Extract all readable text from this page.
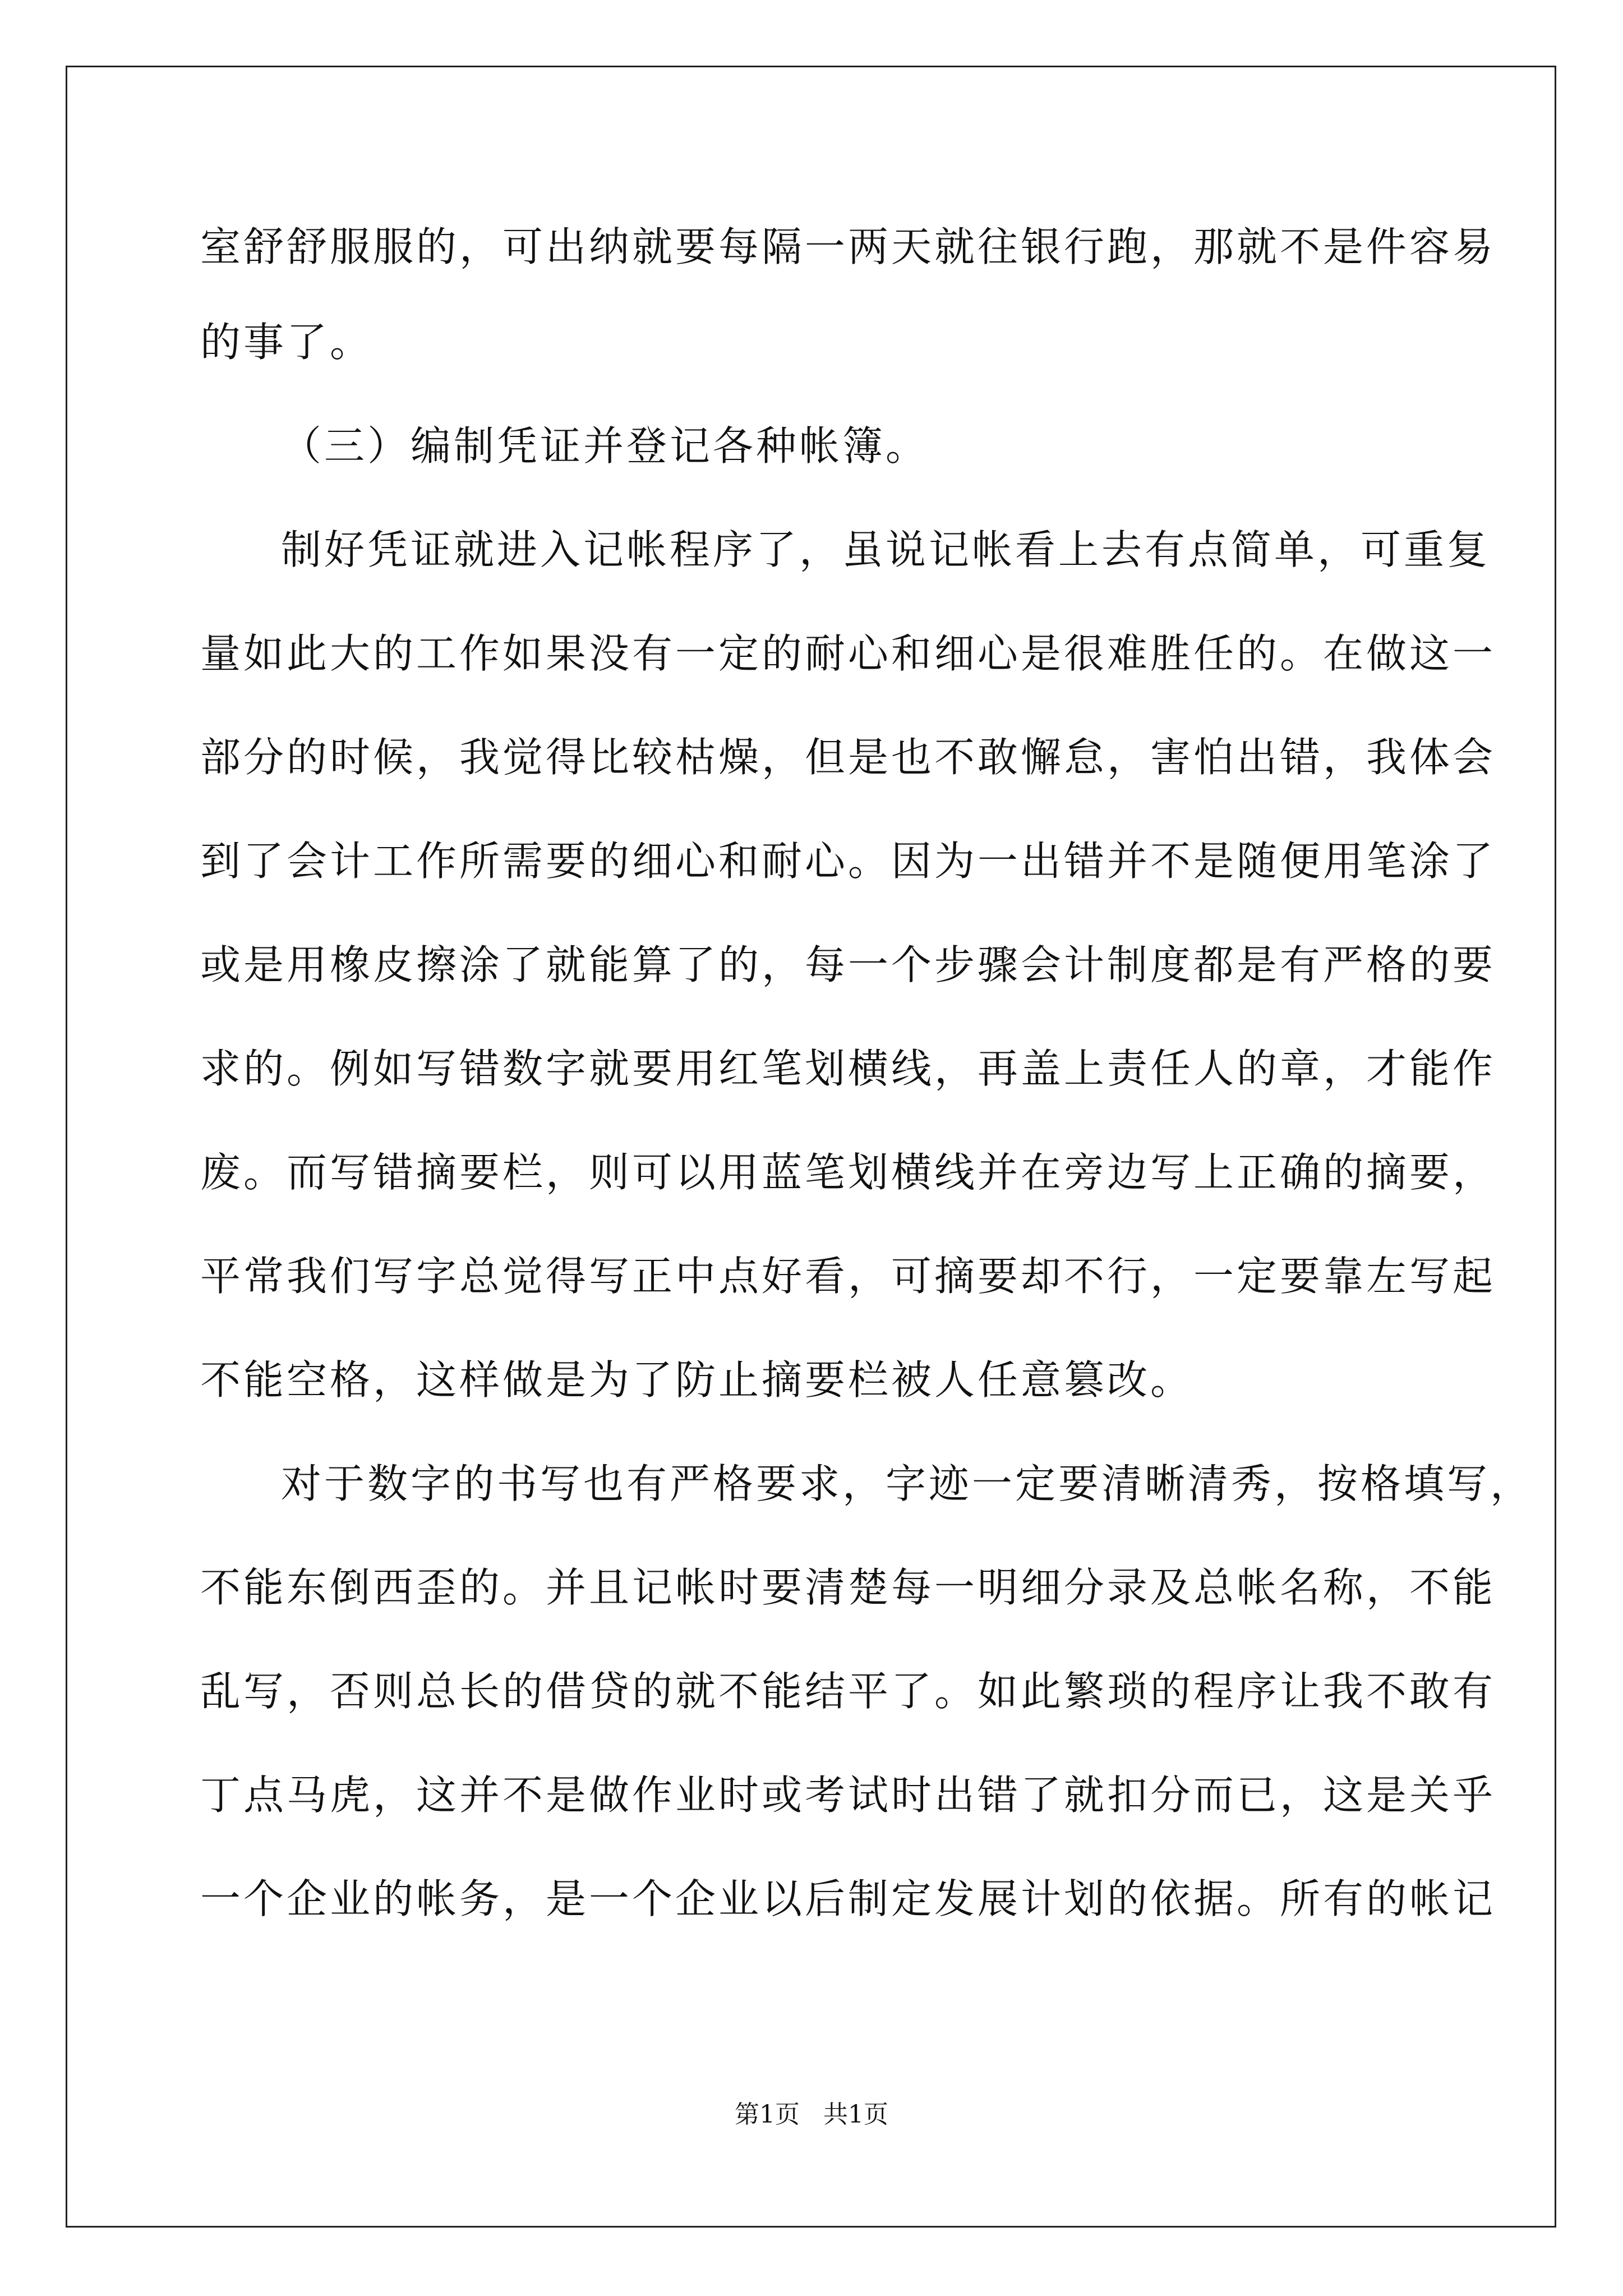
室舒舒服服的，可出纳就要每隔一两天就往银行跑，那就不是件容易
的事了。
（三）编制凭证并登记各种帐簿。
制好凭证就进入记帐程序了，虽说记帐看上去有点简单，可重复
量如此大的工作如果没有一定的耐心和细心是很难胜任的。在做这一
部分的时候，我觉得比较枯燥，但是也不敢懈怠，害怕出错，我体会
到了会计工作所需要的细心和耐心。因为一出错并不是随便用笔涂了
或是用橡皮擦涂了就能算了的，每一个步骤会计制度都是有严格的要
求的。例如写错数字就要用红笔划横线，再盖上责任人的章，才能作
废。而写错摘要栏，则可以用蓝笔划横线并在旁边写上正确的摘要，
平常我们写字总觉得写正中点好看，可摘要却不行，一定要靠左写起
不能空格，这样做是为了防止摘要栏被人任意篡改。
对于数字的书写也有严格要求，字迹一定要清晰清秀，按格填写，
不能东倒西歪的。并且记帐时要清楚每一明细分录及总帐名称，不能
乱写，否则总长的借贷的就不能结平了。如此繁琐的程序让我不敢有
丁点马虎，这并不是做作业时或考试时出错了就扣分而已，这是关乎
一个企业的帐务，是一个企业以后制定发展计划的依据。所有的帐记
第1页   共1页
